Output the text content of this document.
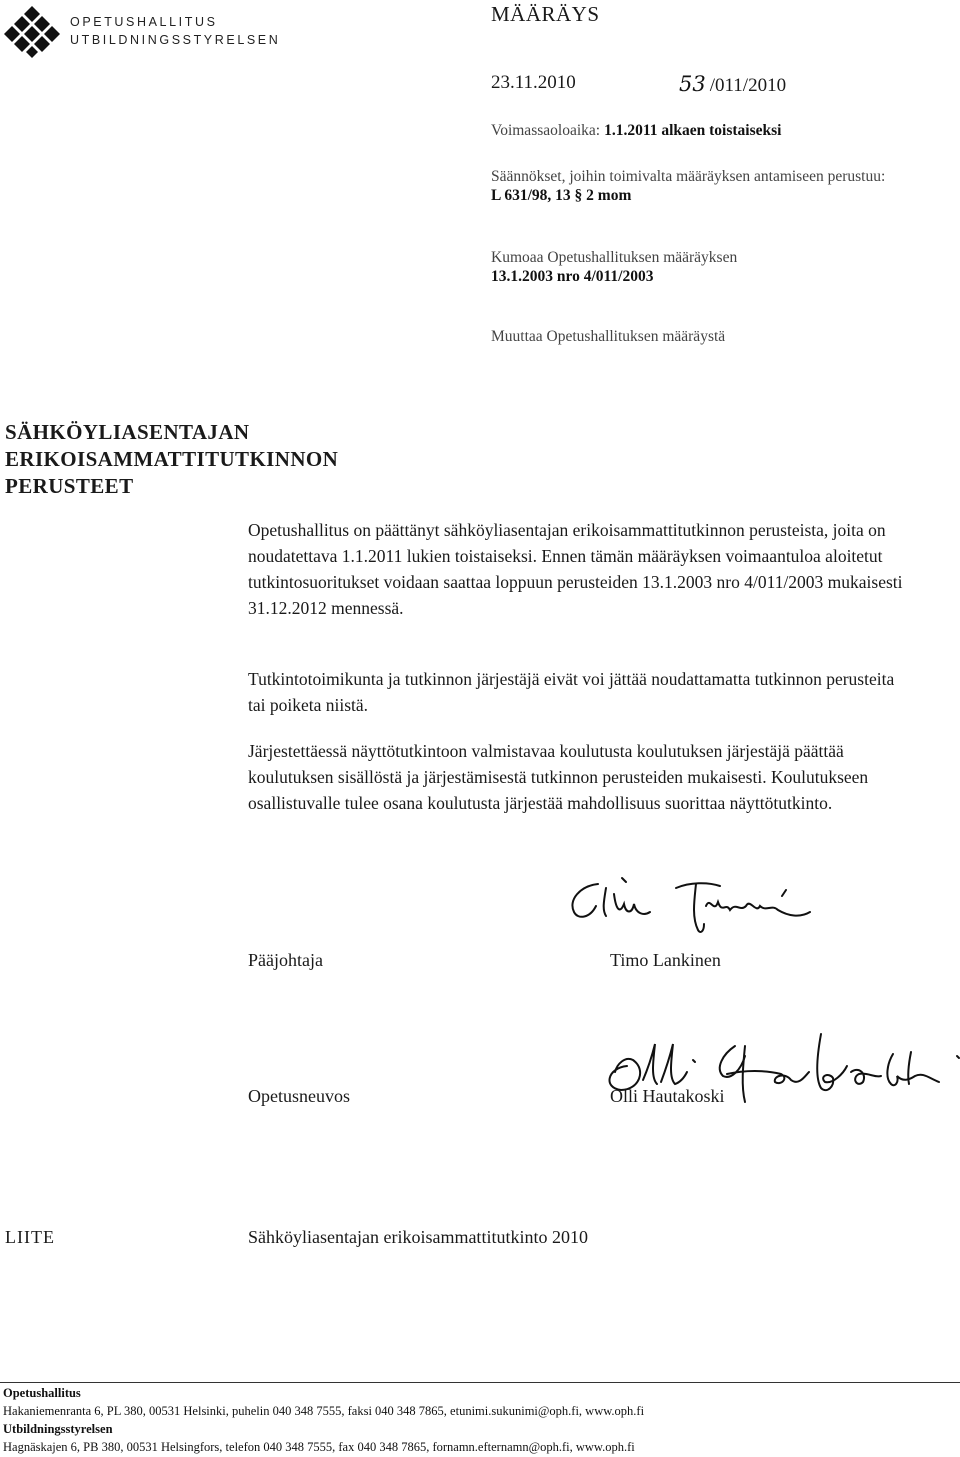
OPETUSHALLITUS
UTBILDNINGSSTYRELSEN
MÄÄRÄYS
23.11.2010	53 /011/2010
Voimassaoloaika: 1.1.2011 alkaen toistaiseksi
Säännökset, joihin toimivalta määräyksen antamiseen perustuu:
L 631/98, 13 § 2 mom
Kumoaa Opetushallituksen määräyksen
13.1.2003 nro 4/011/2003
Muuttaa Opetushallituksen määräystä
SÄHKÖYLIASENTAJAN
ERIKOISAMMATTITUTKINNON
PERUSTEET
Opetushallitus on päättänyt sähköyliasentajan erikoisammattitutkinnon perusteista, joita on noudatettava 1.1.2011 lukien toistaiseksi. Ennen tämän määräyksen voimaantuloa aloitetut tutkintosuoritukset voidaan saattaa loppuun perusteiden 13.1.2003 nro 4/011/2003 mukaisesti 31.12.2012 mennessä.
Tutkintotoimikunta ja tutkinnon järjestäjä eivät voi jättää noudattamatta tutkinnon perusteita tai poiketa niistä.
Järjestettäessä näyttötutkintoon valmistavaa koulutusta koulutuksen järjestäjä päättää koulutuksen sisällöstä ja järjestämisestä tutkinnon perusteiden mukaisesti. Koulutukseen osallistuvalle tulee osana koulutusta järjestää mahdollisuus suorittaa näyttötutkinto.
Pääjohtaja	Timo Lankinen
Opetusneuvos	Olli Hautakoski
LIITE	Sähköyliasentajan erikoisammattitutkinto 2010
Opetushallitus
Hakaniemenranta 6, PL 380, 00531 Helsinki, puhelin 040 348 7555, faksi 040 348 7865, etunimi.sukunimi@oph.fi, www.oph.fi
Utbildningsstyrelsen
Hagnäskajen 6, PB 380, 00531 Helsingfors, telefon 040 348 7555, fax 040 348 7865, fornamn.efternamn@oph.fi, www.oph.fi
